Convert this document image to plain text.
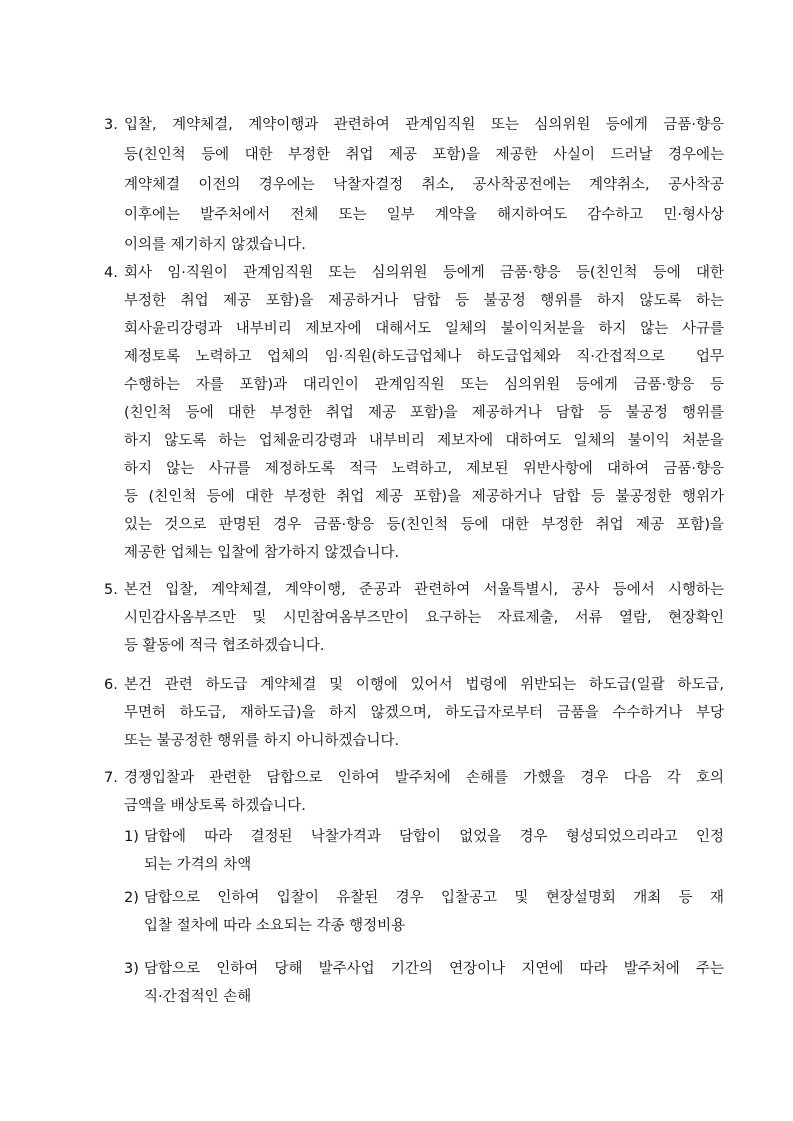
3. 입찰, 계약체결, 계약이행과 관련하여 관계임직원 또는 심의위원 등에게 금품·향응
등(친인척 등에 대한 부정한 취업 제공 포함)을 제공한 사실이 드러날 경우에는
계약체결 이전의 경우에는 낙찰자결정 취소, 공사착공전에는 계약취소, 공사착공
이후에는 발주처에서 전체 또는 일부 계약을 해지하여도 감수하고 민·형사상
이의를 제기하지 않겠습니다.
4. 회사 임·직원이 관계임직원 또는 심의위원 등에게 금품·향응 등(친인척 등에 대한
부정한 취업 제공 포함)을 제공하거나 담합 등 불공정 행위를 하지 않도록 하는
회사윤리강령과 내부비리 제보자에 대해서도 일체의 불이익처분을 하지 않는 사규를
제정토록 노력하고 업체의 임·직원(하도급업체나 하도급업체와 직·간접적으로  업무
수행하는 자를 포함)과 대리인이 관계임직원 또는 심의위원 등에게 금품·향응 등
(친인척 등에 대한 부정한 취업 제공 포함)을 제공하거나 담합 등 불공정 행위를
하지 않도록 하는 업체윤리강령과 내부비리 제보자에 대하여도 일체의 불이익 처분을
하지 않는 사규를 제정하도록 적극 노력하고, 제보된 위반사항에 대하여 금품·향응
등 (친인척 등에 대한 부정한 취업 제공 포함)을 제공하거나 담합 등 불공정한 행위가
있는 것으로 판명된 경우 금품·향응 등(친인척 등에 대한 부정한 취업 제공 포함)을
제공한 업체는 입찰에 참가하지 않겠습니다.
5. 본건 입찰, 계약체결, 계약이행, 준공과 관련하여 서울특별시, 공사 등에서 시행하는
시민감사옴부즈만 및 시민참여옴부즈만이 요구하는 자료제출, 서류 열람, 현장확인
등 활동에 적극 협조하겠습니다.
6. 본건 관련 하도급 계약체결 및 이행에 있어서 법령에 위반되는 하도급(일괄 하도급,
무면허 하도급, 재하도급)을 하지 않겠으며, 하도급자로부터 금품을 수수하거나 부당
또는 불공정한 행위를 하지 아니하겠습니다.
7. 경쟁입찰과 관련한 담합으로 인하여 발주처에 손해를 가했을 경우 다음 각 호의
금액을 배상토록 하겠습니다.
1) 담합에 따라 결정된 낙찰가격과 담합이 없었을 경우 형성되었으리라고 인정
되는 가격의 차액
2) 담합으로 인하여 입찰이 유찰된 경우 입찰공고 및 현장설명회 개최 등 재
입찰 절차에 따라 소요되는 각종 행정비용
3) 담합으로 인하여 당해 발주사업 기간의 연장이나 지연에 따라 발주처에 주는
직·간접적인 손해
